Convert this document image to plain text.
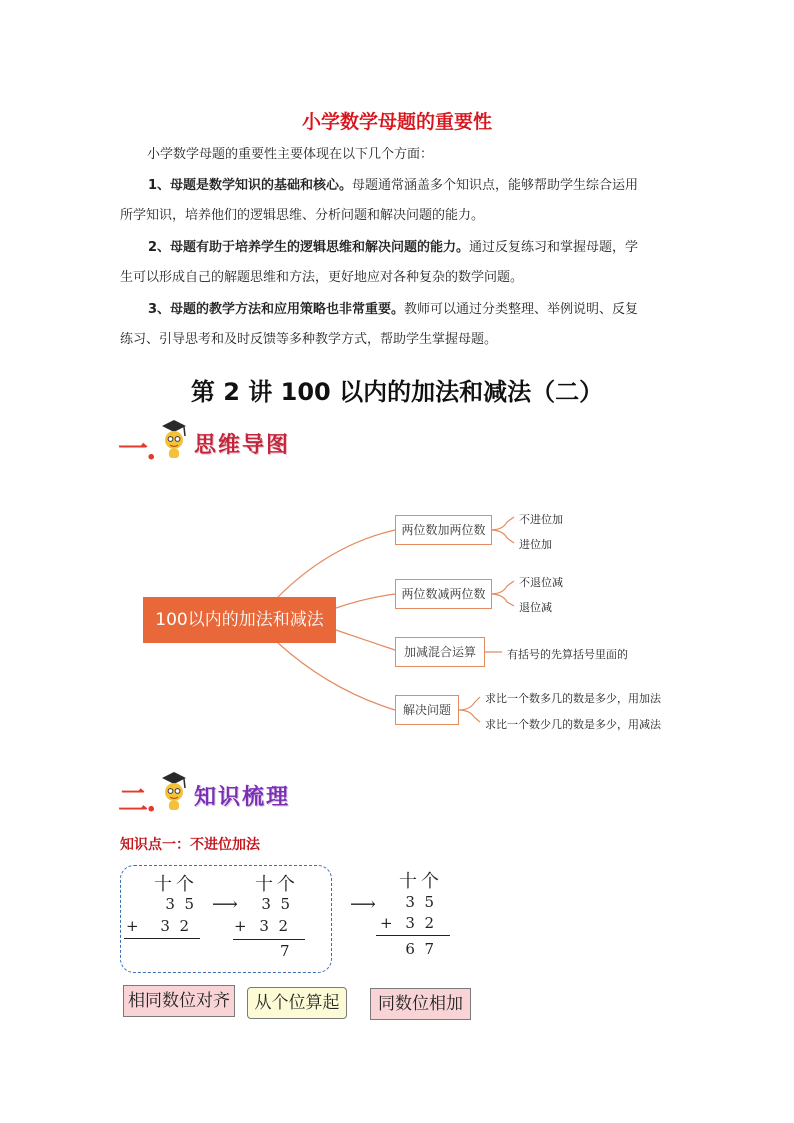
小学数学母题的重要性
小学数学母题的重要性主要体现在以下几个方面：
1、母题是数学知识的基础和核心。母题通常涵盖多个知识点，能够帮助学生综合运用
所学知识，培养他们的逻辑思维、分析问题和解决问题的能力。
2、母题有助于培养学生的逻辑思维和解决问题的能力。通过反复练习和掌握母题，学
生可以形成自己的解题思维和方法，更好地应对各种复杂的数学问题。
3、母题的教学方法和应用策略也非常重要。教师可以通过分类整理、举例说明、反复
练习、引导思考和及时反馈等多种教学方式，帮助学生掌握母题。
第 2 讲 100 以内的加法和减法（二）
一. 思维导图
100以内的加法和减法
两位数加两位数
不进位加
进位加
两位数减两位数
不退位减
退位减
加减混合运算	有括号的先算括号里面的
解决问题
求比一个数多几的数是多少，用加法
求比一个数少几的数是多少，用减法
二. 知识梳理
知识点一：不进位加法
十个
3  5
+	3  2
⟶
十个
3  5
+ 3  2
7
⟶
十个
3  5
+ 3  2
6  7
相同数位对齐	从个位算起	同数位相加
